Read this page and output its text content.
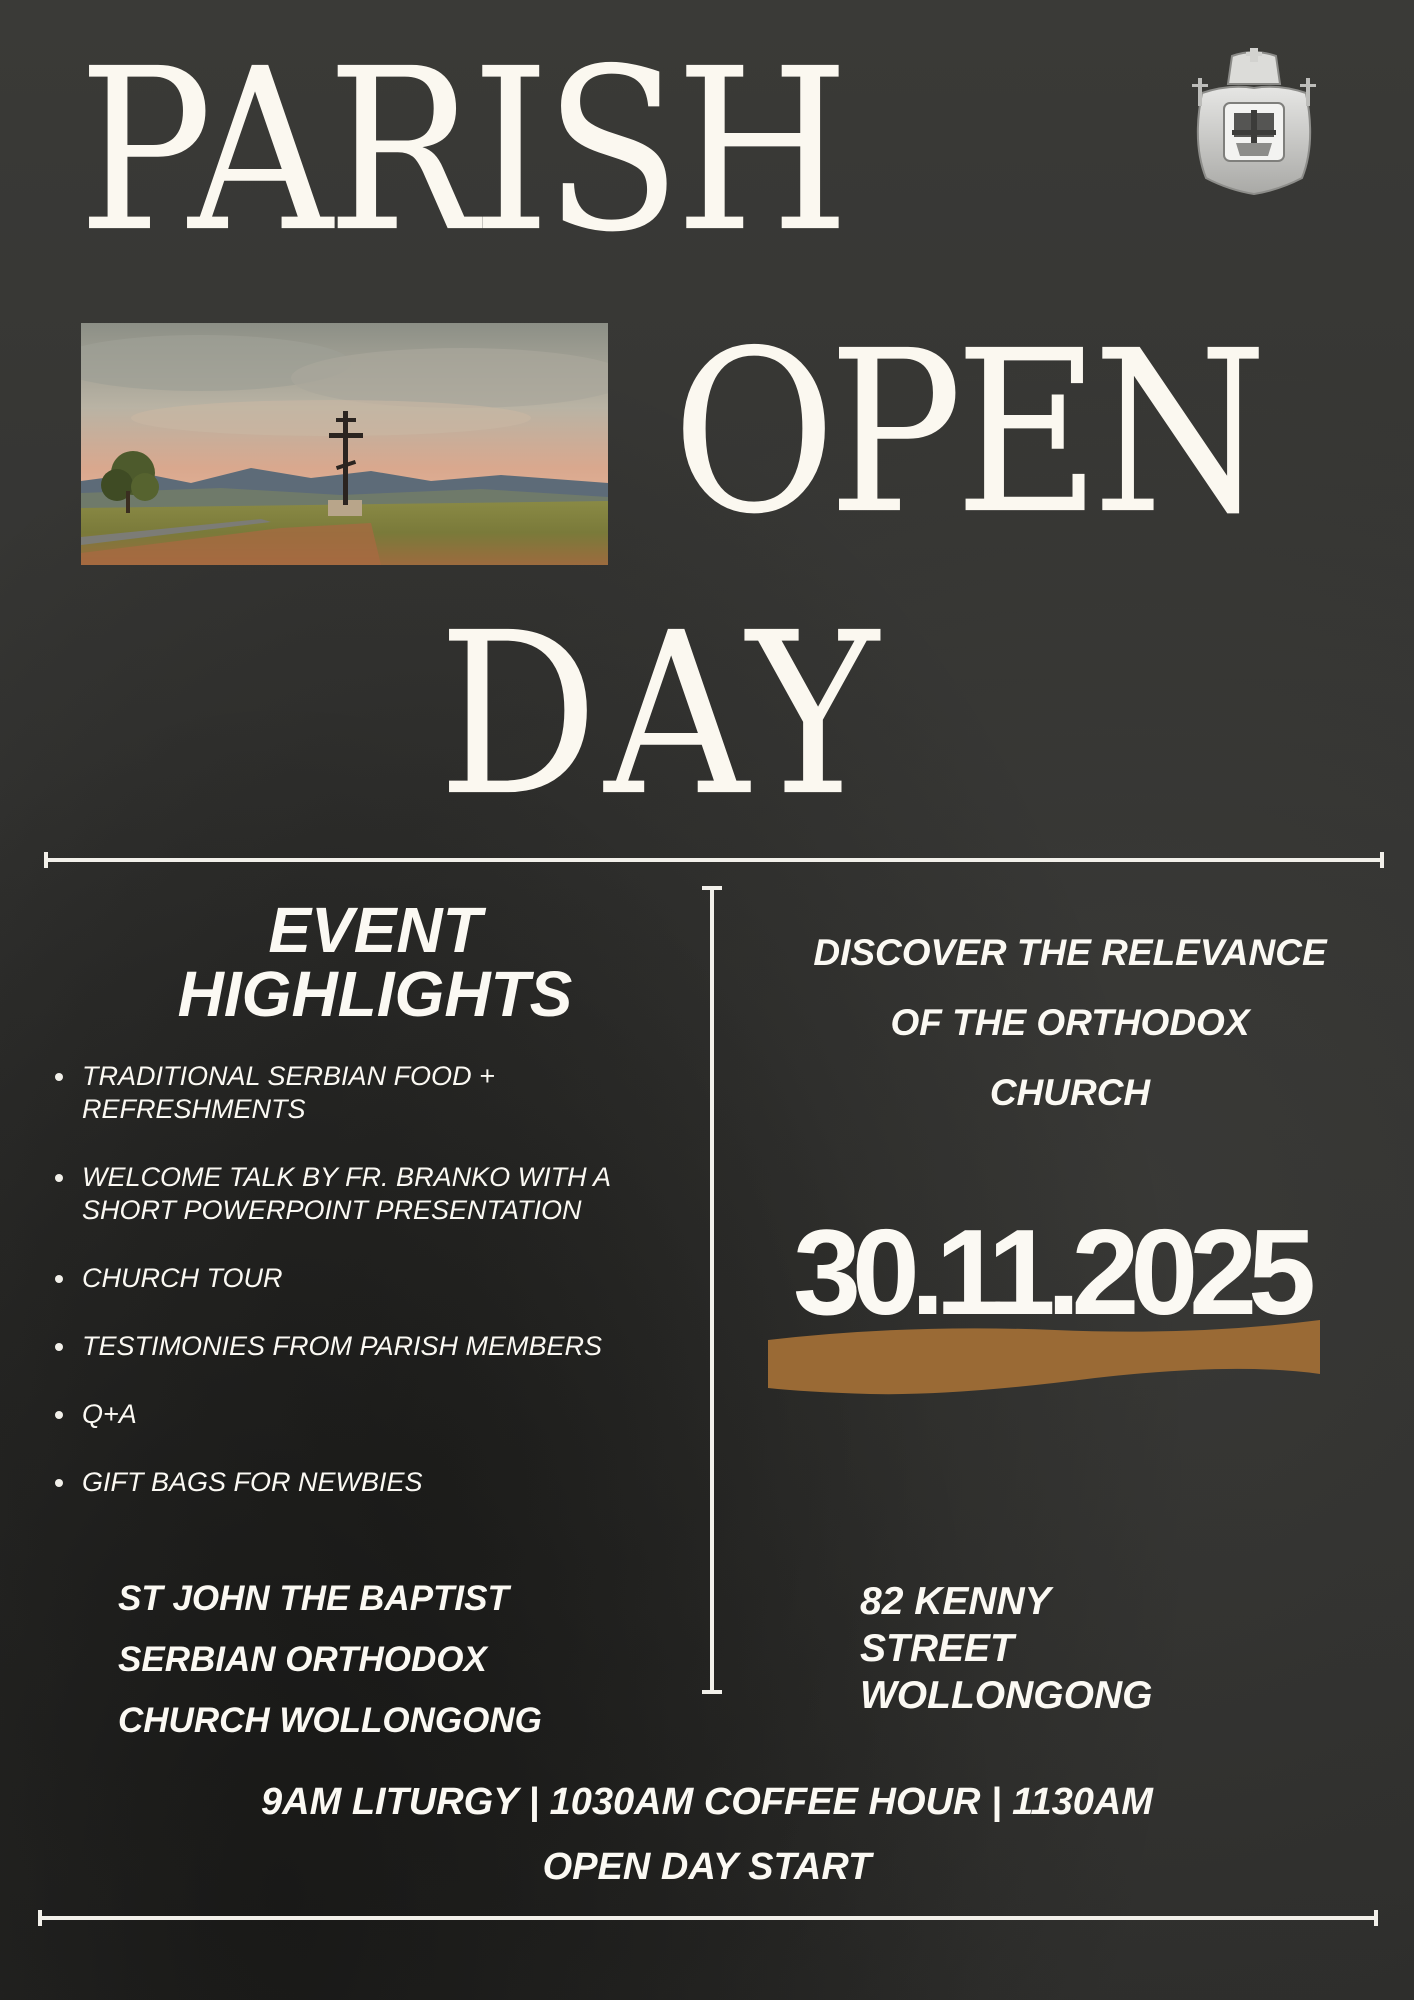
PARISH
OPEN
DAY
EVENT
HIGHLIGHTS
TRADITIONAL SERBIAN FOOD + REFRESHMENTS
WELCOME TALK BY FR. BRANKO WITH A SHORT POWERPOINT PRESENTATION
CHURCH TOUR
TESTIMONIES FROM PARISH MEMBERS
Q+A
GIFT BAGS FOR NEWBIES
DISCOVER THE RELEVANCE
OF THE ORTHODOX
CHURCH
30.11.2025
ST JOHN THE BAPTIST
SERBIAN ORTHODOX
CHURCH WOLLONGONG
82 KENNY
STREET
WOLLONGONG
9AM LITURGY | 1030AM COFFEE HOUR | 1130AM
OPEN DAY START
